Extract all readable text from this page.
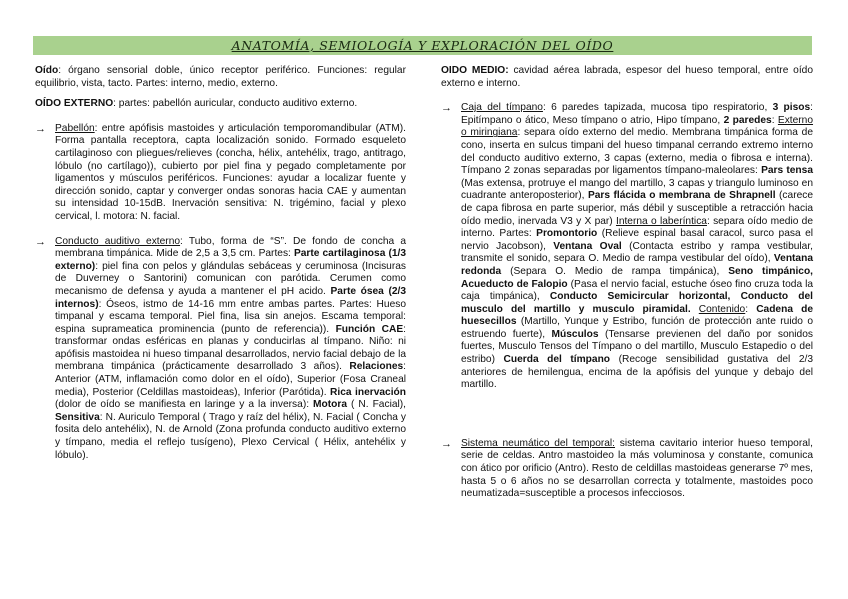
ANATOMÍA, SEMIOLOGÍA Y EXPLORACIÓN DEL OÍDO

Oído: órgano sensorial doble, único receptor periférico. Funciones: regular equilibrio, vista, tacto. Partes: interno, medio, externo.

OÍDO EXTERNO: partes: pabellón auricular, conducto auditivo externo.

→ Pabellón: entre apófisis mastoides y articulación temporomandibular (ATM). Forma pantalla receptora, capta localización sonido. Formado esqueleto cartilaginoso con pliegues/relieves (concha, hélix, antehélix, trago, antitrago, lóbulo (no cartílago)), cubierto por piel fina y pegado completamente por ligamentos y músculos periféricos. Funciones: ayudar a localizar fuente y dirección sonido, captar y converger ondas sonoras hacia CAE y aumentan su intensidad 10-15dB. Inervación sensitiva: N. trigémino, facial y plexo cervical, l. motora: N. facial.

→ Conducto auditivo externo: Tubo, forma de “S”. De fondo de concha a membrana timpánica. Mide de 2,5 a 3,5 cm. Partes: Parte cartilaginosa (1/3 externo): piel fina con pelos y glándulas sebáceas y ceruminosa (Incisuras de Duverney o Santorini) comunican con parótida. Cerumen como mecanismo de defensa y ayuda a mantener el pH acido. Parte ósea (2/3 internos): Óseos, istmo de 14-16 mm entre ambas partes. Partes: Hueso timpanal y escama temporal. Piel fina, lisa sin anejos. Escama temporal: espina suprameatica prominencia (punto de referencia)). Función CAE: transformar ondas esféricas en planas y conducirlas al tímpano. Niño: ni apófisis mastoidea ni hueso timpanal desarrollados, nervio facial debajo de la membrana timpánica (prácticamente desarrollado 3 años). Relaciones: Anterior (ATM, inflamación como dolor en el oído), Superior (Fosa Craneal media), Posterior (Celdillas mastoideas), Inferior (Parótida). Rica inervación (dolor de oído se manifiesta en laringe y a la inversa): Motora ( N. Facial), Sensitiva: N. Auriculo Temporal ( Trago y raíz del hélix), N. Facial ( Concha y fosita delo antehélix), N. de Arnold (Zona profunda conducto auditivo externo y tímpano, media el reflejo tusígeno), Plexo Cervical ( Hélix, antehélix y lóbulo).

OIDO MEDIO: cavidad aérea labrada, espesor del hueso temporal, entre oído externo e interno.

→ Caja del tímpano: 6 paredes tapizada, mucosa tipo respiratorio, 3 pisos: Epitímpano o ático, Meso tímpano o atrio, Hipo tímpano, 2 paredes: Externo o miringiana: separa oído externo del medio. Membrana timpánica forma de cono, inserta en sulcus timpani del hueso timpanal cerrando extremo interno del conducto auditivo externo, 3 capas (externo, media o fibrosa e interna). Tímpano 2 zonas separadas por ligamentos tímpano-maleolares: Pars tensa (Mas extensa, protruye el mango del martillo, 3 capas y triangulo luminoso en cuadrante anteroposterior), Pars flácida o membrana de Shrapnell (carece de capa fibrosa en parte superior, más débil y susceptible a retracción hacia oído medio, inervada V3 y X par) Interna o laberíntica: separa oído medio de interno. Partes: Promontorio (Relieve espinal basal caracol, surco pasa el nervio Jacobson), Ventana Oval (Contacta estribo y rampa vestibular, transmite el sonido, separa O. Medio de rampa vestibular del oído), Ventana redonda (Separa O. Medio de rampa timpánica), Seno timpánico, Acueducto de Falopio (Pasa el nervio facial, estuche óseo fino cruza toda la caja timpánica), Conducto Semicircular horizontal, Conducto del musculo del martillo y musculo piramidal. Contenido: Cadena de huesecillos (Martillo, Yunque y Estribo, función de protección ante ruido o estruendo fuerte), Músculos (Tensarse previenen del daño por sonidos fuertes, Musculo Tensos del Tímpano o del martillo, Musculo Estapedio o del estribo) Cuerda del tímpano (Recoge sensibilidad gustativa del 2/3 anteriores de hemilengua, encima de la apófisis del yunque y debajo del martillo.

→ Sistema neumático del temporal: sistema cavitario interior hueso temporal, serie de celdas. Antro mastoideo la más voluminosa y constante, comunica con ático por orificio (Antro). Resto de celdillas mastoideas generarse 7º mes, hasta 5 o 6 años no se desarrollan correcta y totalmente, mastoides poco neumatizada=susceptible a procesos infecciosos.
